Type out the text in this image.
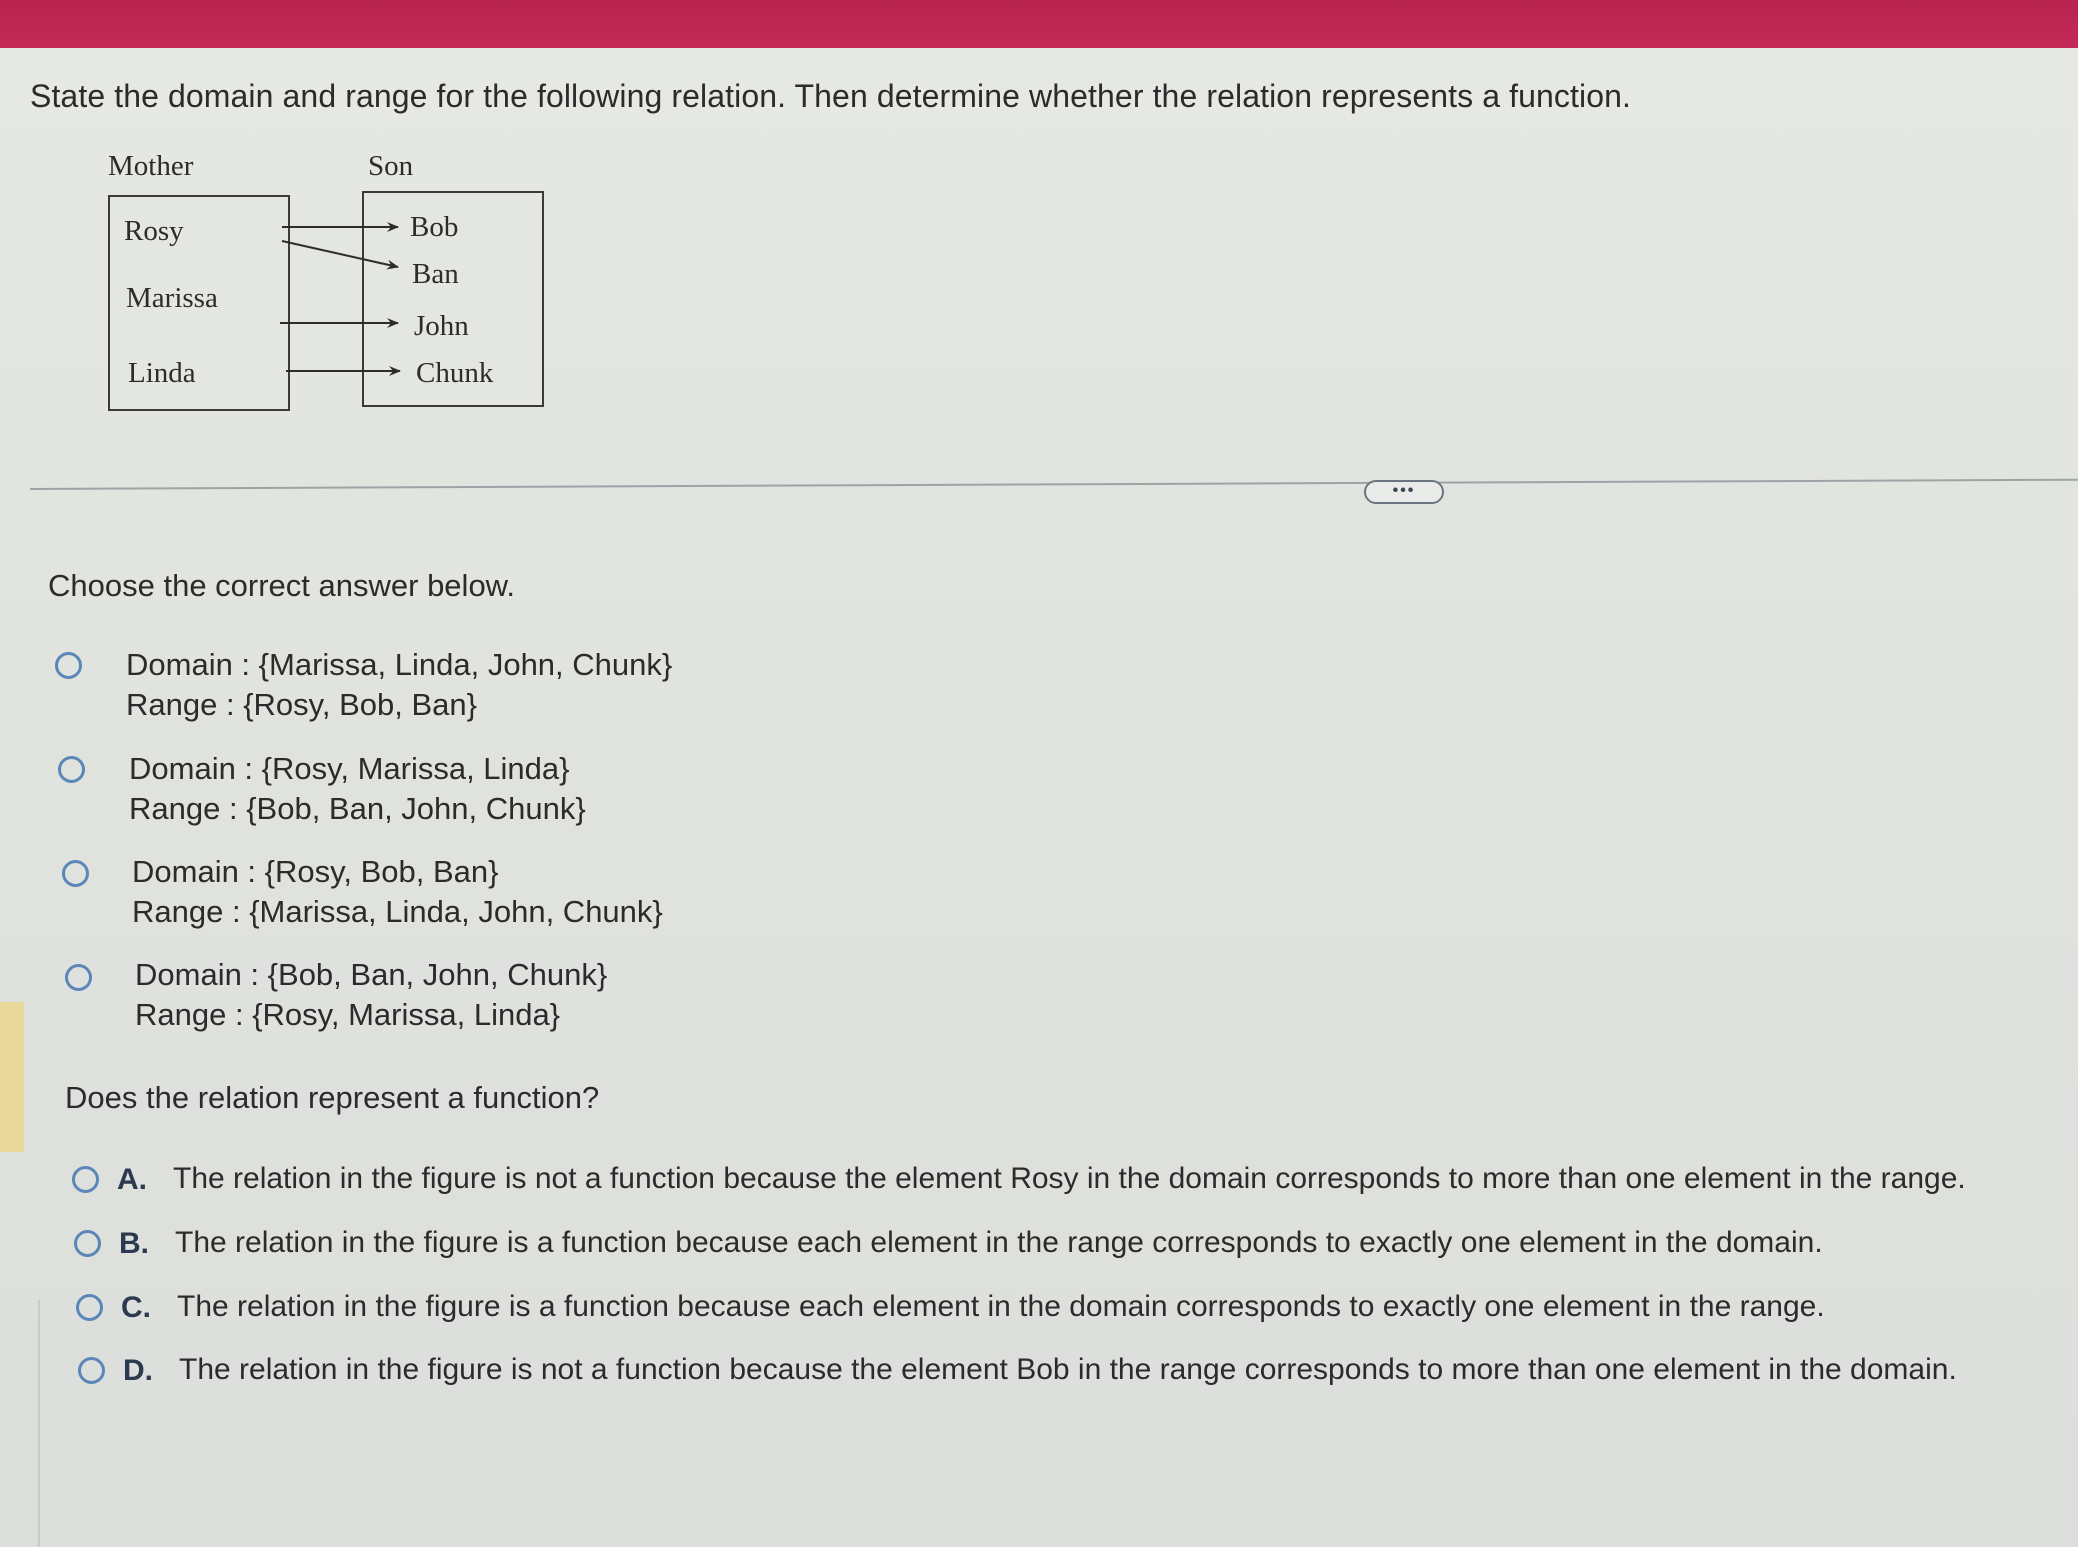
State the domain and range for the following relation. Then determine whether the relation represents a function.
Mother	Son
Rosy
Marissa
Linda
Bob
Ban
John
Chunk
•••
Choose the correct answer below.
Domain : {Marissa, Linda, John, Chunk}
Range : {Rosy, Bob, Ban}
Domain : {Rosy, Marissa, Linda}
Range : {Bob, Ban, John, Chunk}
Domain : {Rosy, Bob, Ban}
Range : {Marissa, Linda, John, Chunk}
Domain : {Bob, Ban, John, Chunk}
Range : {Rosy, Marissa, Linda}
Does the relation represent a function?
A. The relation in the figure is not a function because the element Rosy in the domain corresponds to more than one element in the range.
B. The relation in the figure is a function because each element in the range corresponds to exactly one element in the domain.
C. The relation in the figure is a function because each element in the domain corresponds to exactly one element in the range.
D. The relation in the figure is not a function because the element Bob in the range corresponds to more than one element in the domain.
